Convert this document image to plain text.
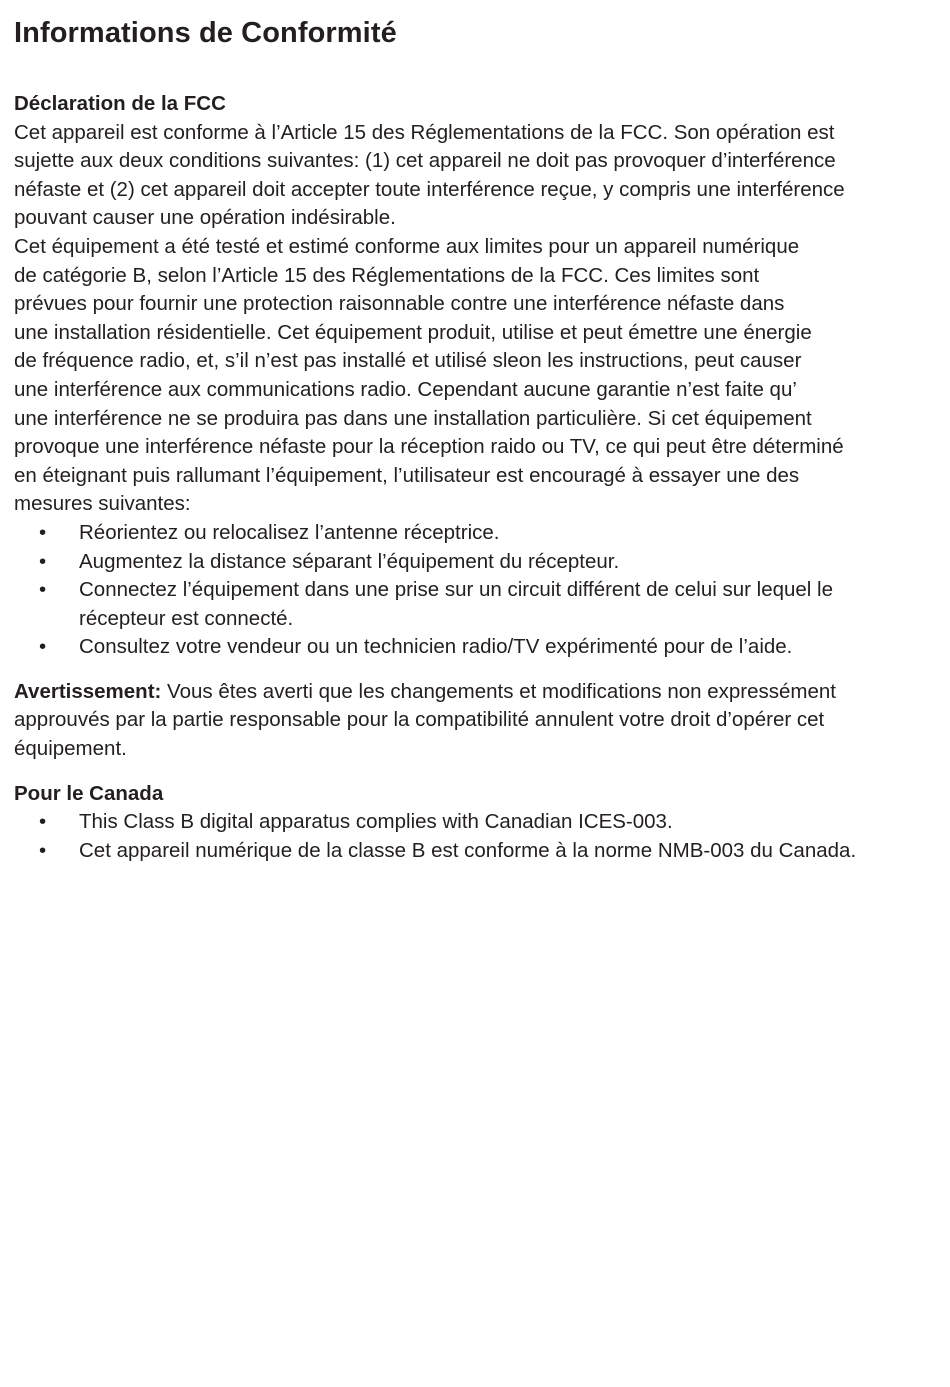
Informations de Conformité
Déclaration de la FCC
Cet appareil est conforme à l’Article 15 des Réglementations de la FCC. Son opération est
sujette aux deux conditions suivantes: (1) cet appareil ne doit pas provoquer d’interférence
néfaste et (2) cet appareil doit accepter toute interférence reçue, y compris une interférence
pouvant causer une opération indésirable.
Cet équipement a été testé et estimé conforme aux limites pour un appareil numérique
de catégorie B, selon l’Article 15 des Réglementations de la FCC. Ces limites sont
prévues pour fournir une protection raisonnable contre une interférence néfaste dans
une installation résidentielle. Cet équipement produit, utilise et peut émettre une énergie
de fréquence radio, et, s’il n’est pas installé et utilisé sleon les instructions, peut causer
une interférence aux communications radio. Cependant aucune garantie n’est faite qu’
une interférence ne se produira pas dans une installation particulière. Si cet équipement
provoque une interférence néfaste pour la réception raido ou TV, ce qui peut être déterminé
en éteignant puis rallumant l’équipement, l’utilisateur est encouragé à essayer une des
mesures suivantes:
• Réorientez ou relocalisez l’antenne réceptrice.
• Augmentez la distance séparant l’équipement du récepteur.
• Connectez l’équipement dans une prise sur un circuit différent de celui sur lequel le
récepteur est connecté.
• Consultez votre vendeur ou un technicien radio/TV expérimenté pour de l’aide.
Avertissement: Vous êtes averti que les changements et modifications non expressément
approuvés par la partie responsable pour la compatibilité annulent votre droit d’opérer cet
équipement.
Pour le Canada
• This Class B digital apparatus complies with Canadian ICES-003.
• Cet appareil numérique de la classe B est conforme à la norme NMB-003 du Canada.
